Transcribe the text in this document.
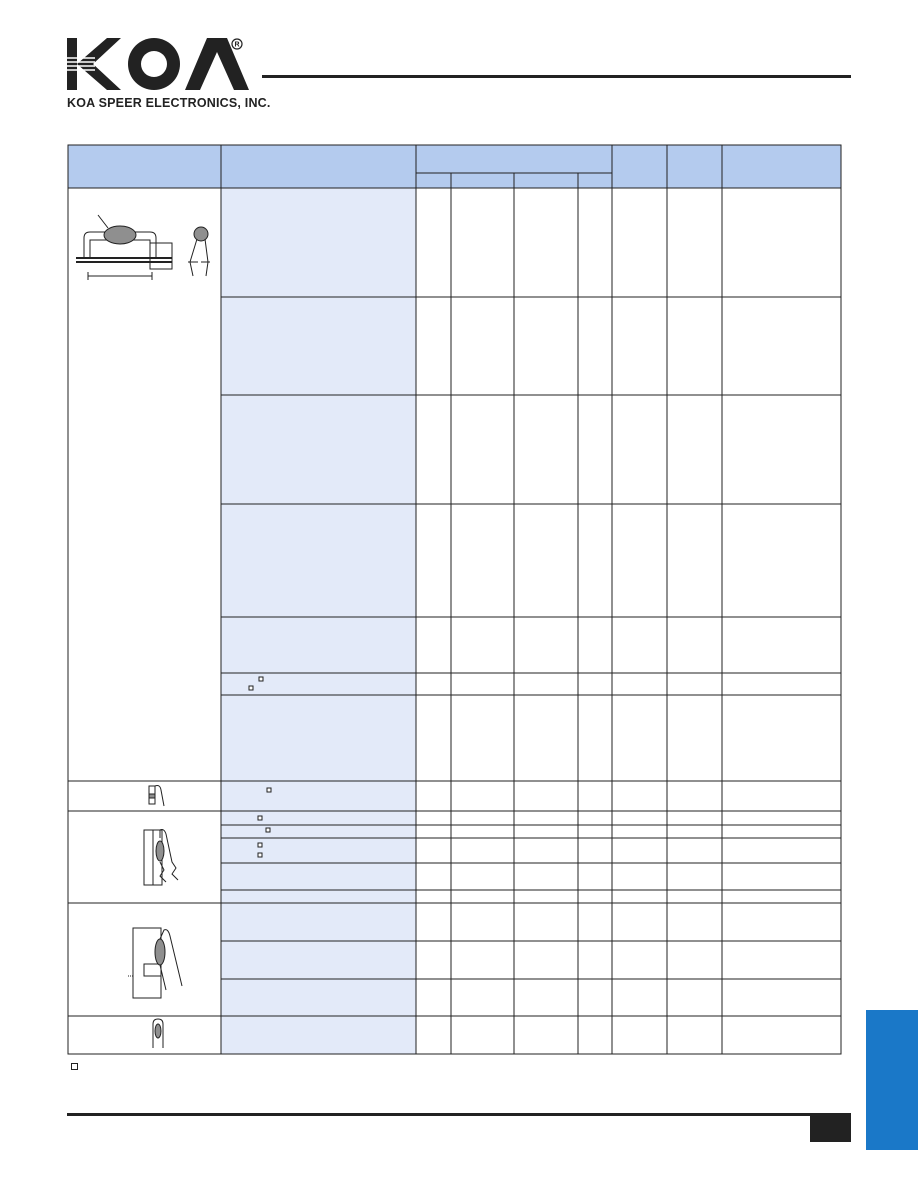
R
KOA SPEER ELECTRONICS, INC.
